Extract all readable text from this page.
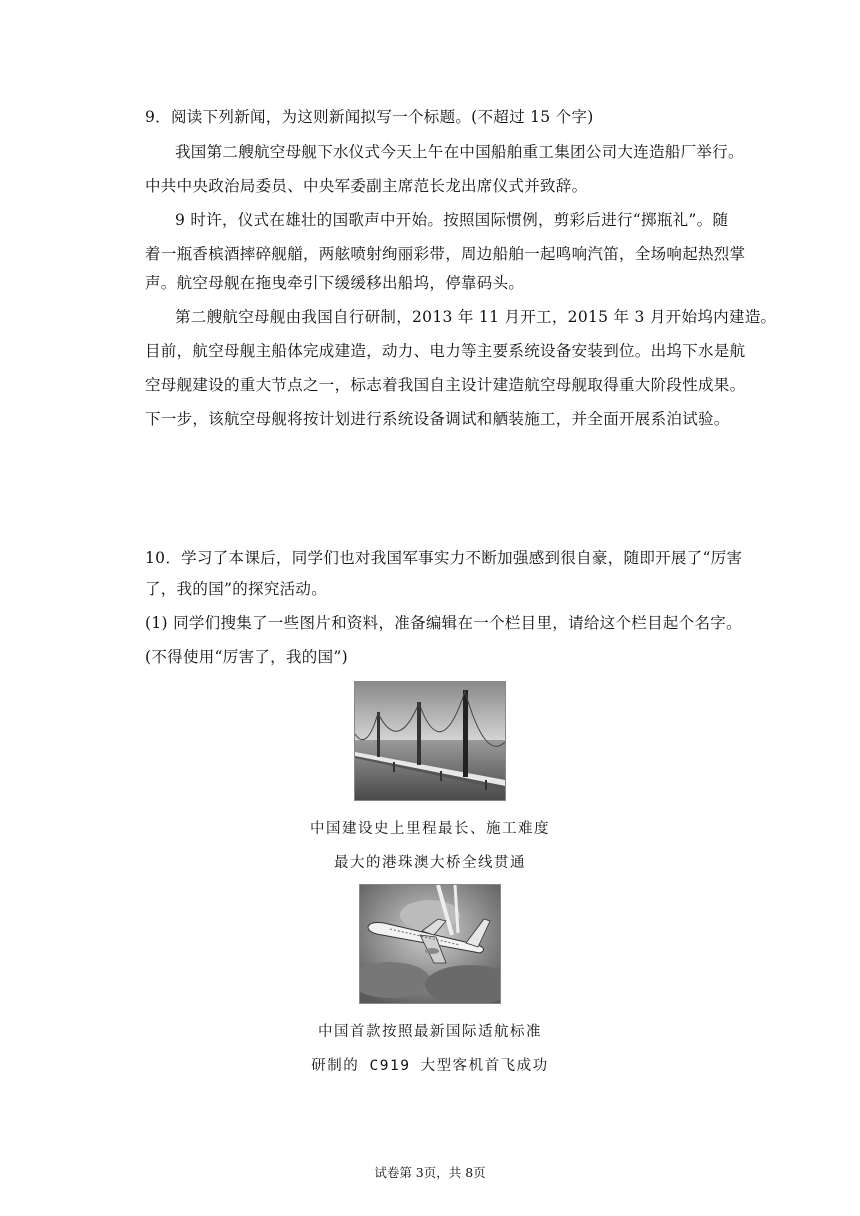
9．阅读下列新闻，为这则新闻拟写一个标题。(不超过 15 个字)
我国第二艘航空母舰下水仪式今天上午在中国船舶重工集团公司大连造船厂举行。
中共中央政治局委员、中央军委副主席范长龙出席仪式并致辞。
9 时许，仪式在雄壮的国歌声中开始。按照国际惯例，剪彩后进行“掷瓶礼”。随
着一瓶香槟酒摔碎舰艏，两舷喷射绚丽彩带，周边船舶一起鸣响汽笛，全场响起热烈掌
声。航空母舰在拖曳牵引下缓缓移出船坞，停靠码头。
第二艘航空母舰由我国自行研制，2013 年 11 月开工，2015 年 3 月开始坞内建造。
目前，航空母舰主船体完成建造，动力、电力等主要系统设备安装到位。出坞下水是航
空母舰建设的重大节点之一，标志着我国自主设计建造航空母舰取得重大阶段性成果。
下一步，该航空母舰将按计划进行系统设备调试和舾装施工，并全面开展系泊试验。
10．学习了本课后，同学们也对我国军事实力不断加强感到很自豪，随即开展了“厉害
了，我的国”的探究活动。
(1) 同学们搜集了一些图片和资料，准备编辑在一个栏目里，请给这个栏目起个名字。
(不得使用“厉害了，我的国”)
中国建设史上里程最长、施工难度
最大的港珠澳大桥全线贯通
中国首款按照最新国际适航标准
研制的 C919 大型客机首飞成功
试卷第 3页，共 8页
